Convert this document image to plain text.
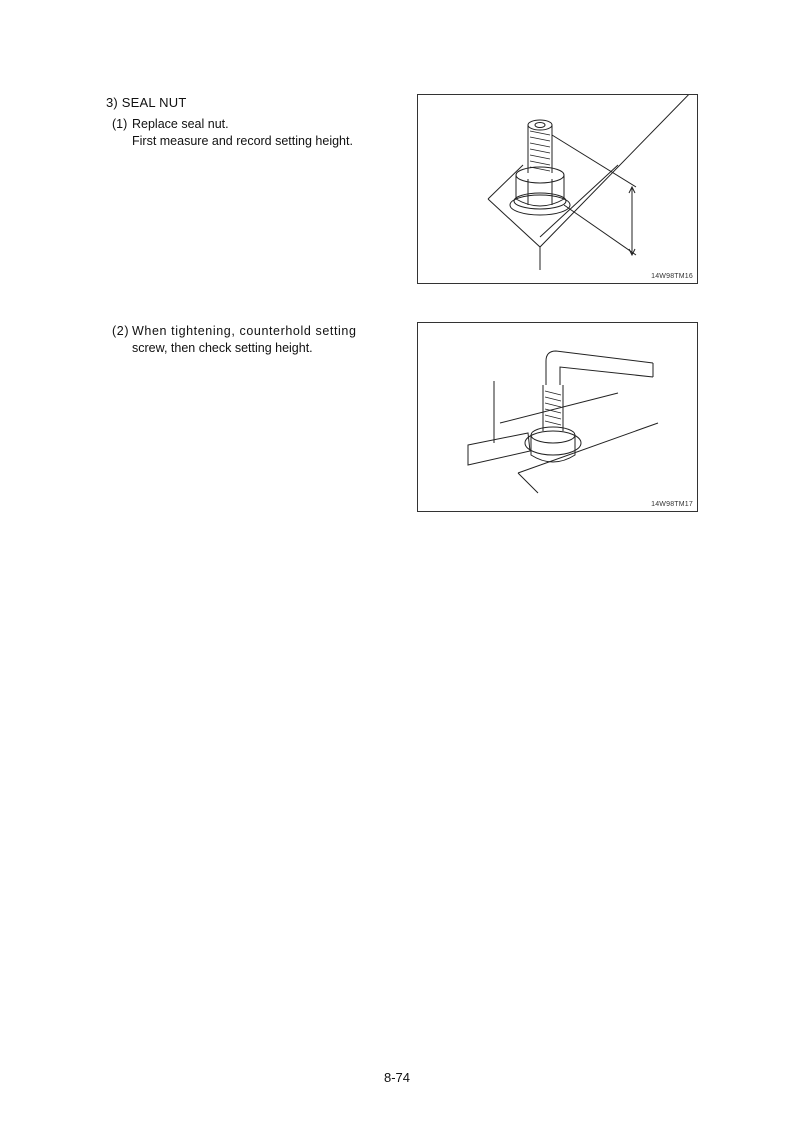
3) SEAL NUT
(1) Replace seal nut.
First measure and record setting height.
14W98TM16
(2) When tightening, counterhold setting
screw, then check setting height.
14W98TM17
8-74
